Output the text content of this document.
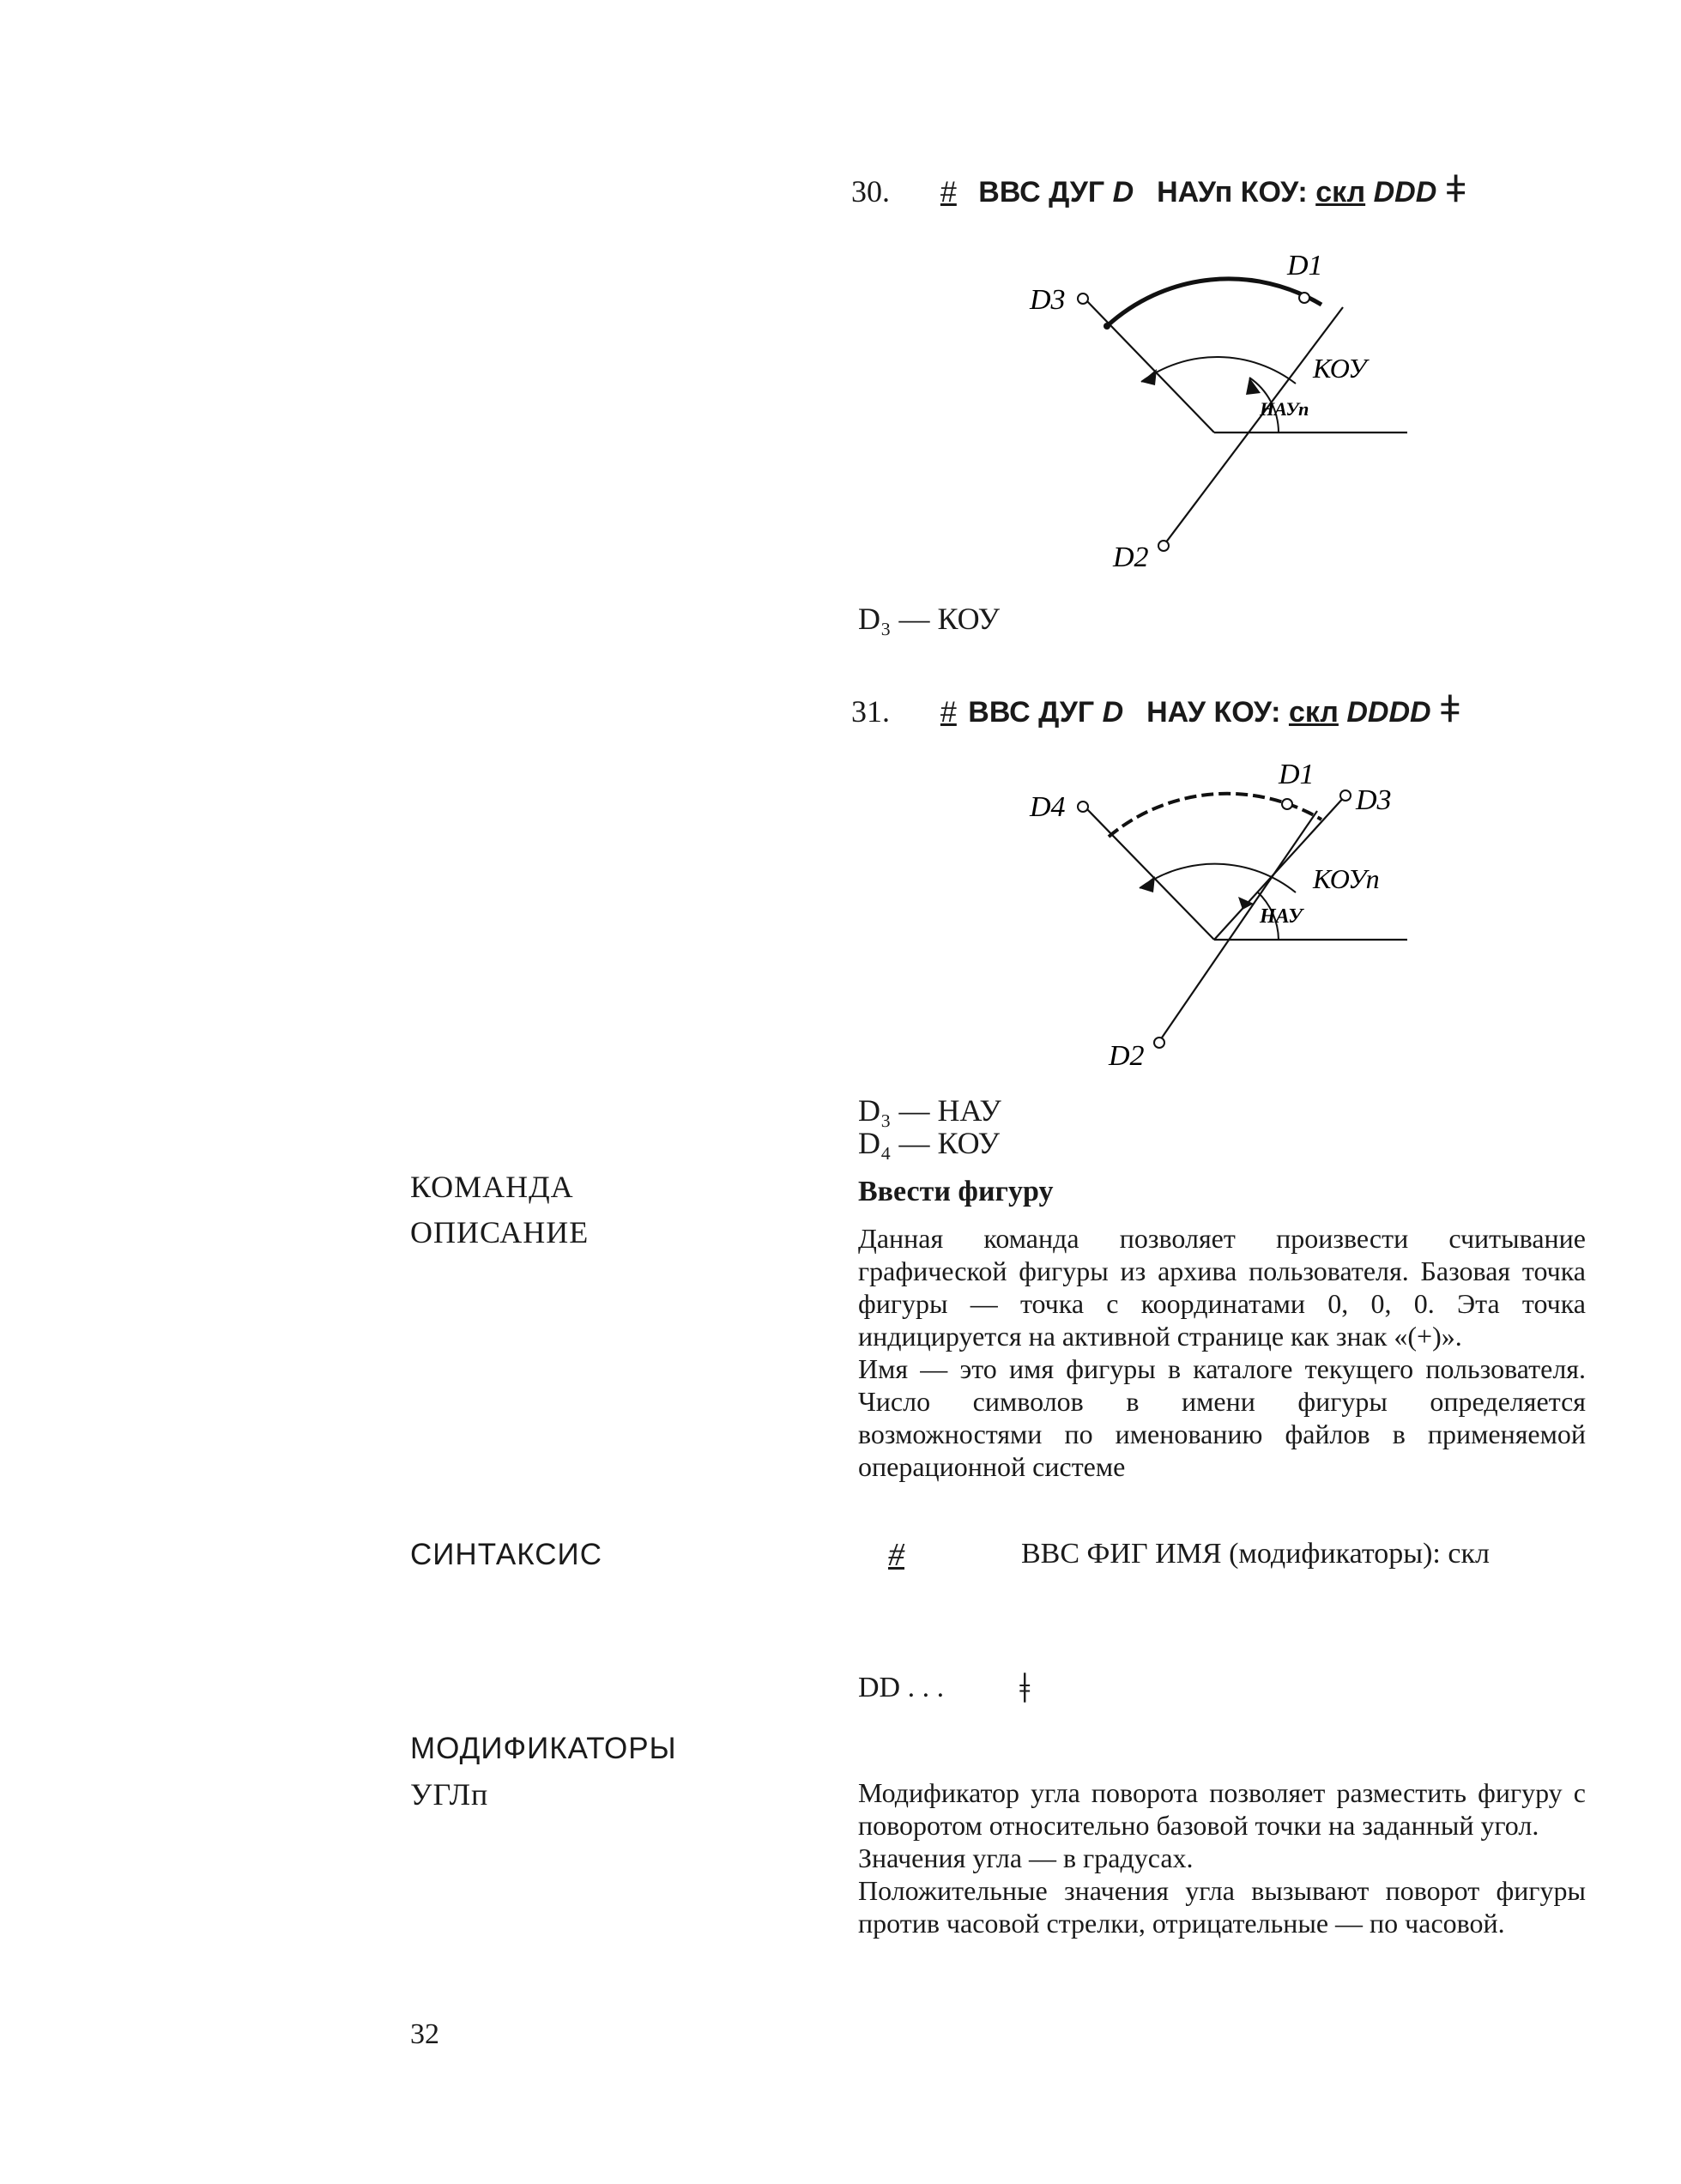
30. # ВВС ДУГ D НАУп КОУ: скл DDD ǂ
D3
D1
D2
КОУ
НАУп
D₃ — КОУ
31. # ВВС ДУГ D НАУ КОУ: скл DDDD ǂ
D4
D1
D3
D2
КОУп
НАУ
D₃ — НАУ
D₄ — КОУ
КОМАНДА
ОПИСАНИЕ
СИНТАКСИС
МОДИФИКАТОРЫ
УГЛп
Ввести фигуру

Данная команда позволяет произвести считывание графической фигуры из архива пользователя. Базовая точка фигуры — точка с координатами 0, 0, 0. Эта точка индицируется на активной странице как знак «(+)».

Имя — это имя фигуры в каталоге текущего пользователя. Число символов в имени фигуры определяется возможностями по именованию файлов в применяемой операционной системе

#	ВВС ФИГ ИМЯ (модификаторы): скл
DD . . . ǂ

Модификатор угла поворота позволяет разместить фигуру с поворотом относительно базовой точки на заданный угол.

Значения угла — в градусах.

Положительные значения угла вызывают поворот фигуры против часовой стрелки, отрицательные — по часовой.

32
